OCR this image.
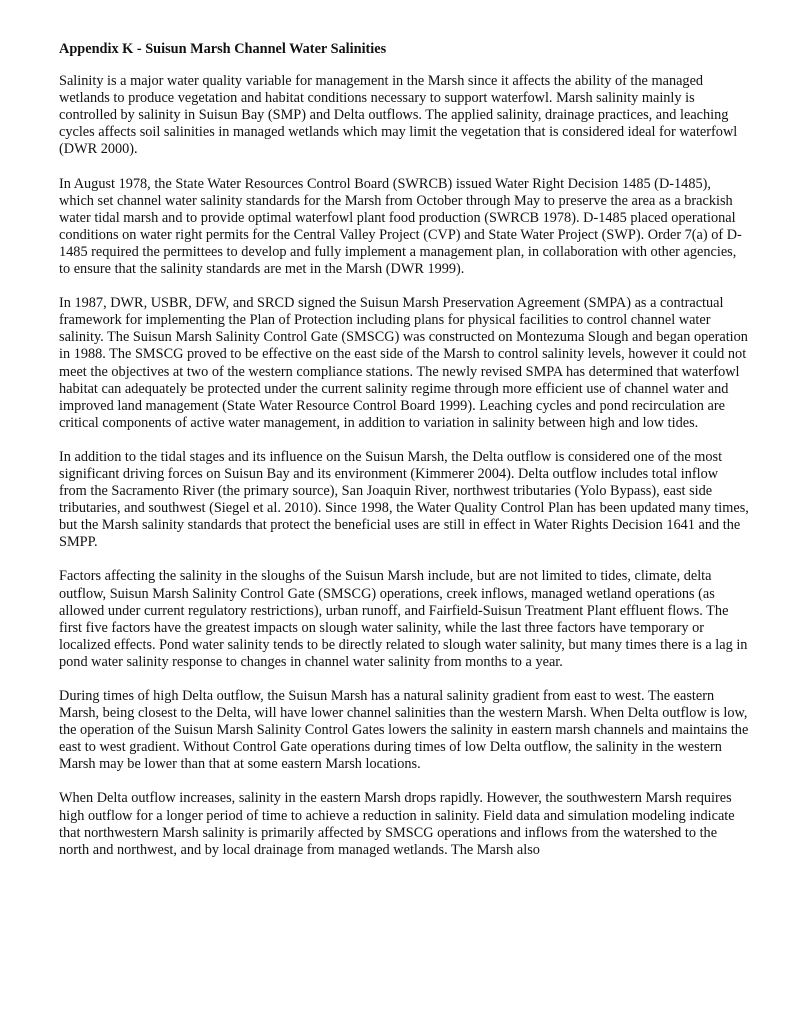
Appendix K - Suisun Marsh Channel Water Salinities

Salinity is a major water quality variable for management in the Marsh since it affects the ability of the managed wetlands to produce vegetation and habitat conditions necessary to support waterfowl. Marsh salinity mainly is controlled by salinity in Suisun Bay (SMP) and Delta outflows. The applied salinity, drainage practices, and leaching cycles affects soil salinities in managed wetlands which may limit the vegetation that is considered ideal for waterfowl (DWR 2000).

In August 1978, the State Water Resources Control Board (SWRCB) issued Water Right Decision 1485 (D-1485), which set channel water salinity standards for the Marsh from October through May to preserve the area as a brackish water tidal marsh and to provide optimal waterfowl plant food production (SWRCB 1978). D-1485 placed operational conditions on water right permits for the Central Valley Project (CVP) and State Water Project (SWP). Order 7(a) of D-1485 required the permittees to develop and fully implement a management plan, in collaboration with other agencies, to ensure that the salinity standards are met in the Marsh (DWR 1999).

In 1987, DWR, USBR, DFW, and SRCD signed the Suisun Marsh Preservation Agreement (SMPA) as a contractual framework for implementing the Plan of Protection including plans for physical facilities to control channel water salinity. The Suisun Marsh Salinity Control Gate (SMSCG) was constructed on Montezuma Slough and began operation in 1988. The SMSCG proved to be effective on the east side of the Marsh to control salinity levels, however it could not meet the objectives at two of the western compliance stations. The newly revised SMPA has determined that waterfowl habitat can adequately be protected under the current salinity regime through more efficient use of channel water and improved land management (State Water Resource Control Board 1999). Leaching cycles and pond recirculation are critical components of active water management, in addition to variation in salinity between high and low tides.

In addition to the tidal stages and its influence on the Suisun Marsh, the Delta outflow is considered one of the most significant driving forces on Suisun Bay and its environment (Kimmerer 2004). Delta outflow includes total inflow from the Sacramento River (the primary source), San Joaquin River, northwest tributaries (Yolo Bypass), east side tributaries, and southwest (Siegel et al. 2010). Since 1998, the Water Quality Control Plan has been updated many times, but the Marsh salinity standards that protect the beneficial uses are still in effect in Water Rights Decision 1641 and the SMPP.

Factors affecting the salinity in the sloughs of the Suisun Marsh include, but are not limited to tides, climate, delta outflow, Suisun Marsh Salinity Control Gate (SMSCG) operations, creek inflows, managed wetland operations (as allowed under current regulatory restrictions), urban runoff, and Fairfield-Suisun Treatment Plant effluent flows. The first five factors have the greatest impacts on slough water salinity, while the last three factors have temporary or localized effects. Pond water salinity tends to be directly related to slough water salinity, but many times there is a lag in pond water salinity response to changes in channel water salinity from months to a year.

During times of high Delta outflow, the Suisun Marsh has a natural salinity gradient from east to west. The eastern Marsh, being closest to the Delta, will have lower channel salinities than the western Marsh. When Delta outflow is low, the operation of the Suisun Marsh Salinity Control Gates lowers the salinity in eastern marsh channels and maintains the east to west gradient. Without Control Gate operations during times of low Delta outflow, the salinity in the western Marsh may be lower than that at some eastern Marsh locations.

When Delta outflow increases, salinity in the eastern Marsh drops rapidly. However, the southwestern Marsh requires high outflow for a longer period of time to achieve a reduction in salinity. Field data and simulation modeling indicate that northwestern Marsh salinity is primarily affected by SMSCG operations and inflows from the watershed to the north and northwest, and by local drainage from managed wetlands. The Marsh also
